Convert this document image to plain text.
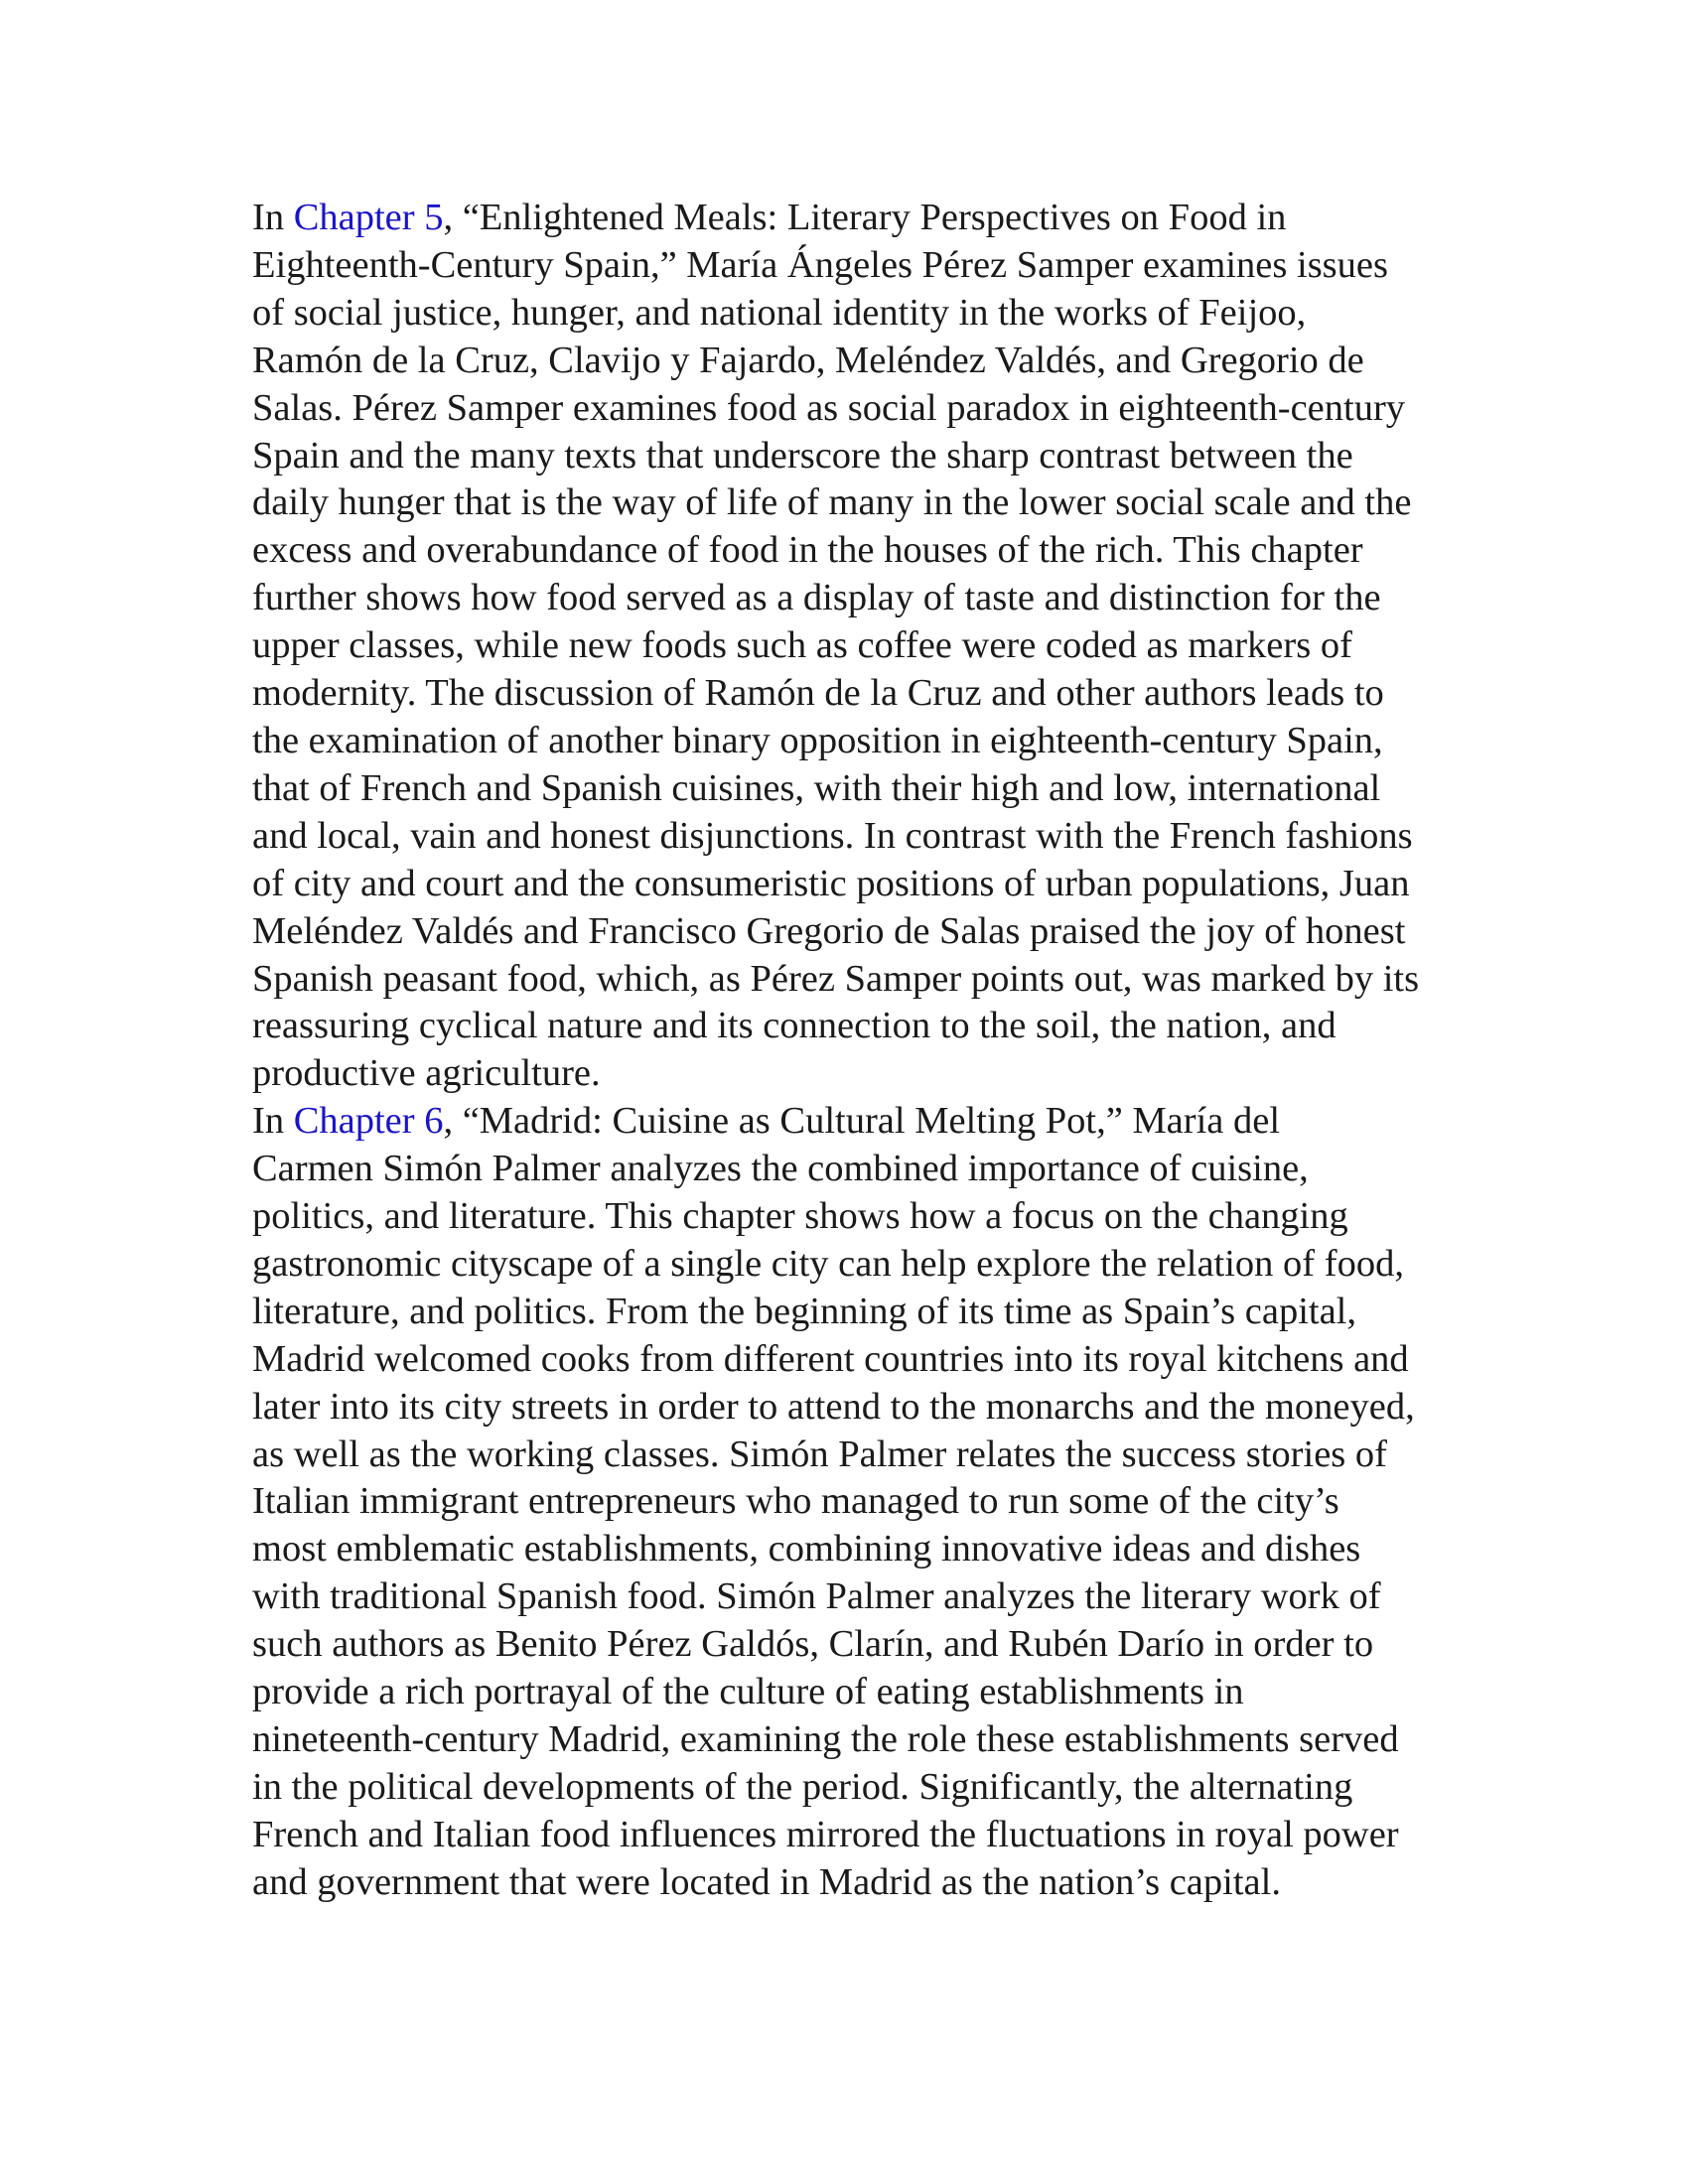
In Chapter 5, “Enlightened Meals: Literary Perspectives on Food in
Eighteenth-Century Spain,” María Ángeles Pérez Samper examines issues
of social justice, hunger, and national identity in the works of Feijoo,
Ramón de la Cruz, Clavijo y Fajardo, Meléndez Valdés, and Gregorio de
Salas. Pérez Samper examines food as social paradox in eighteenth-century
Spain and the many texts that underscore the sharp contrast between the
daily hunger that is the way of life of many in the lower social scale and the
excess and overabundance of food in the houses of the rich. This chapter
further shows how food served as a display of taste and distinction for the
upper classes, while new foods such as coffee were coded as markers of
modernity. The discussion of Ramón de la Cruz and other authors leads to
the examination of another binary opposition in eighteenth-century Spain,
that of French and Spanish cuisines, with their high and low, international
and local, vain and honest disjunctions. In contrast with the French fashions
of city and court and the consumeristic positions of urban populations, Juan
Meléndez Valdés and Francisco Gregorio de Salas praised the joy of honest
Spanish peasant food, which, as Pérez Samper points out, was marked by its
reassuring cyclical nature and its connection to the soil, the nation, and
productive agriculture.

In Chapter 6, “Madrid: Cuisine as Cultural Melting Pot,” María del
Carmen Simón Palmer analyzes the combined importance of cuisine,
politics, and literature. This chapter shows how a focus on the changing
gastronomic cityscape of a single city can help explore the relation of food,
literature, and politics. From the beginning of its time as Spain’s capital,
Madrid welcomed cooks from different countries into its royal kitchens and
later into its city streets in order to attend to the monarchs and the moneyed,
as well as the working classes. Simón Palmer relates the success stories of
Italian immigrant entrepreneurs who managed to run some of the city’s
most emblematic establishments, combining innovative ideas and dishes
with traditional Spanish food. Simón Palmer analyzes the literary work of
such authors as Benito Pérez Galdós, Clarín, and Rubén Darío in order to
provide a rich portrayal of the culture of eating establishments in
nineteenth-century Madrid, examining the role these establishments served
in the political developments of the period. Significantly, the alternating
French and Italian food influences mirrored the fluctuations in royal power
and government that were located in Madrid as the nation’s capital.
